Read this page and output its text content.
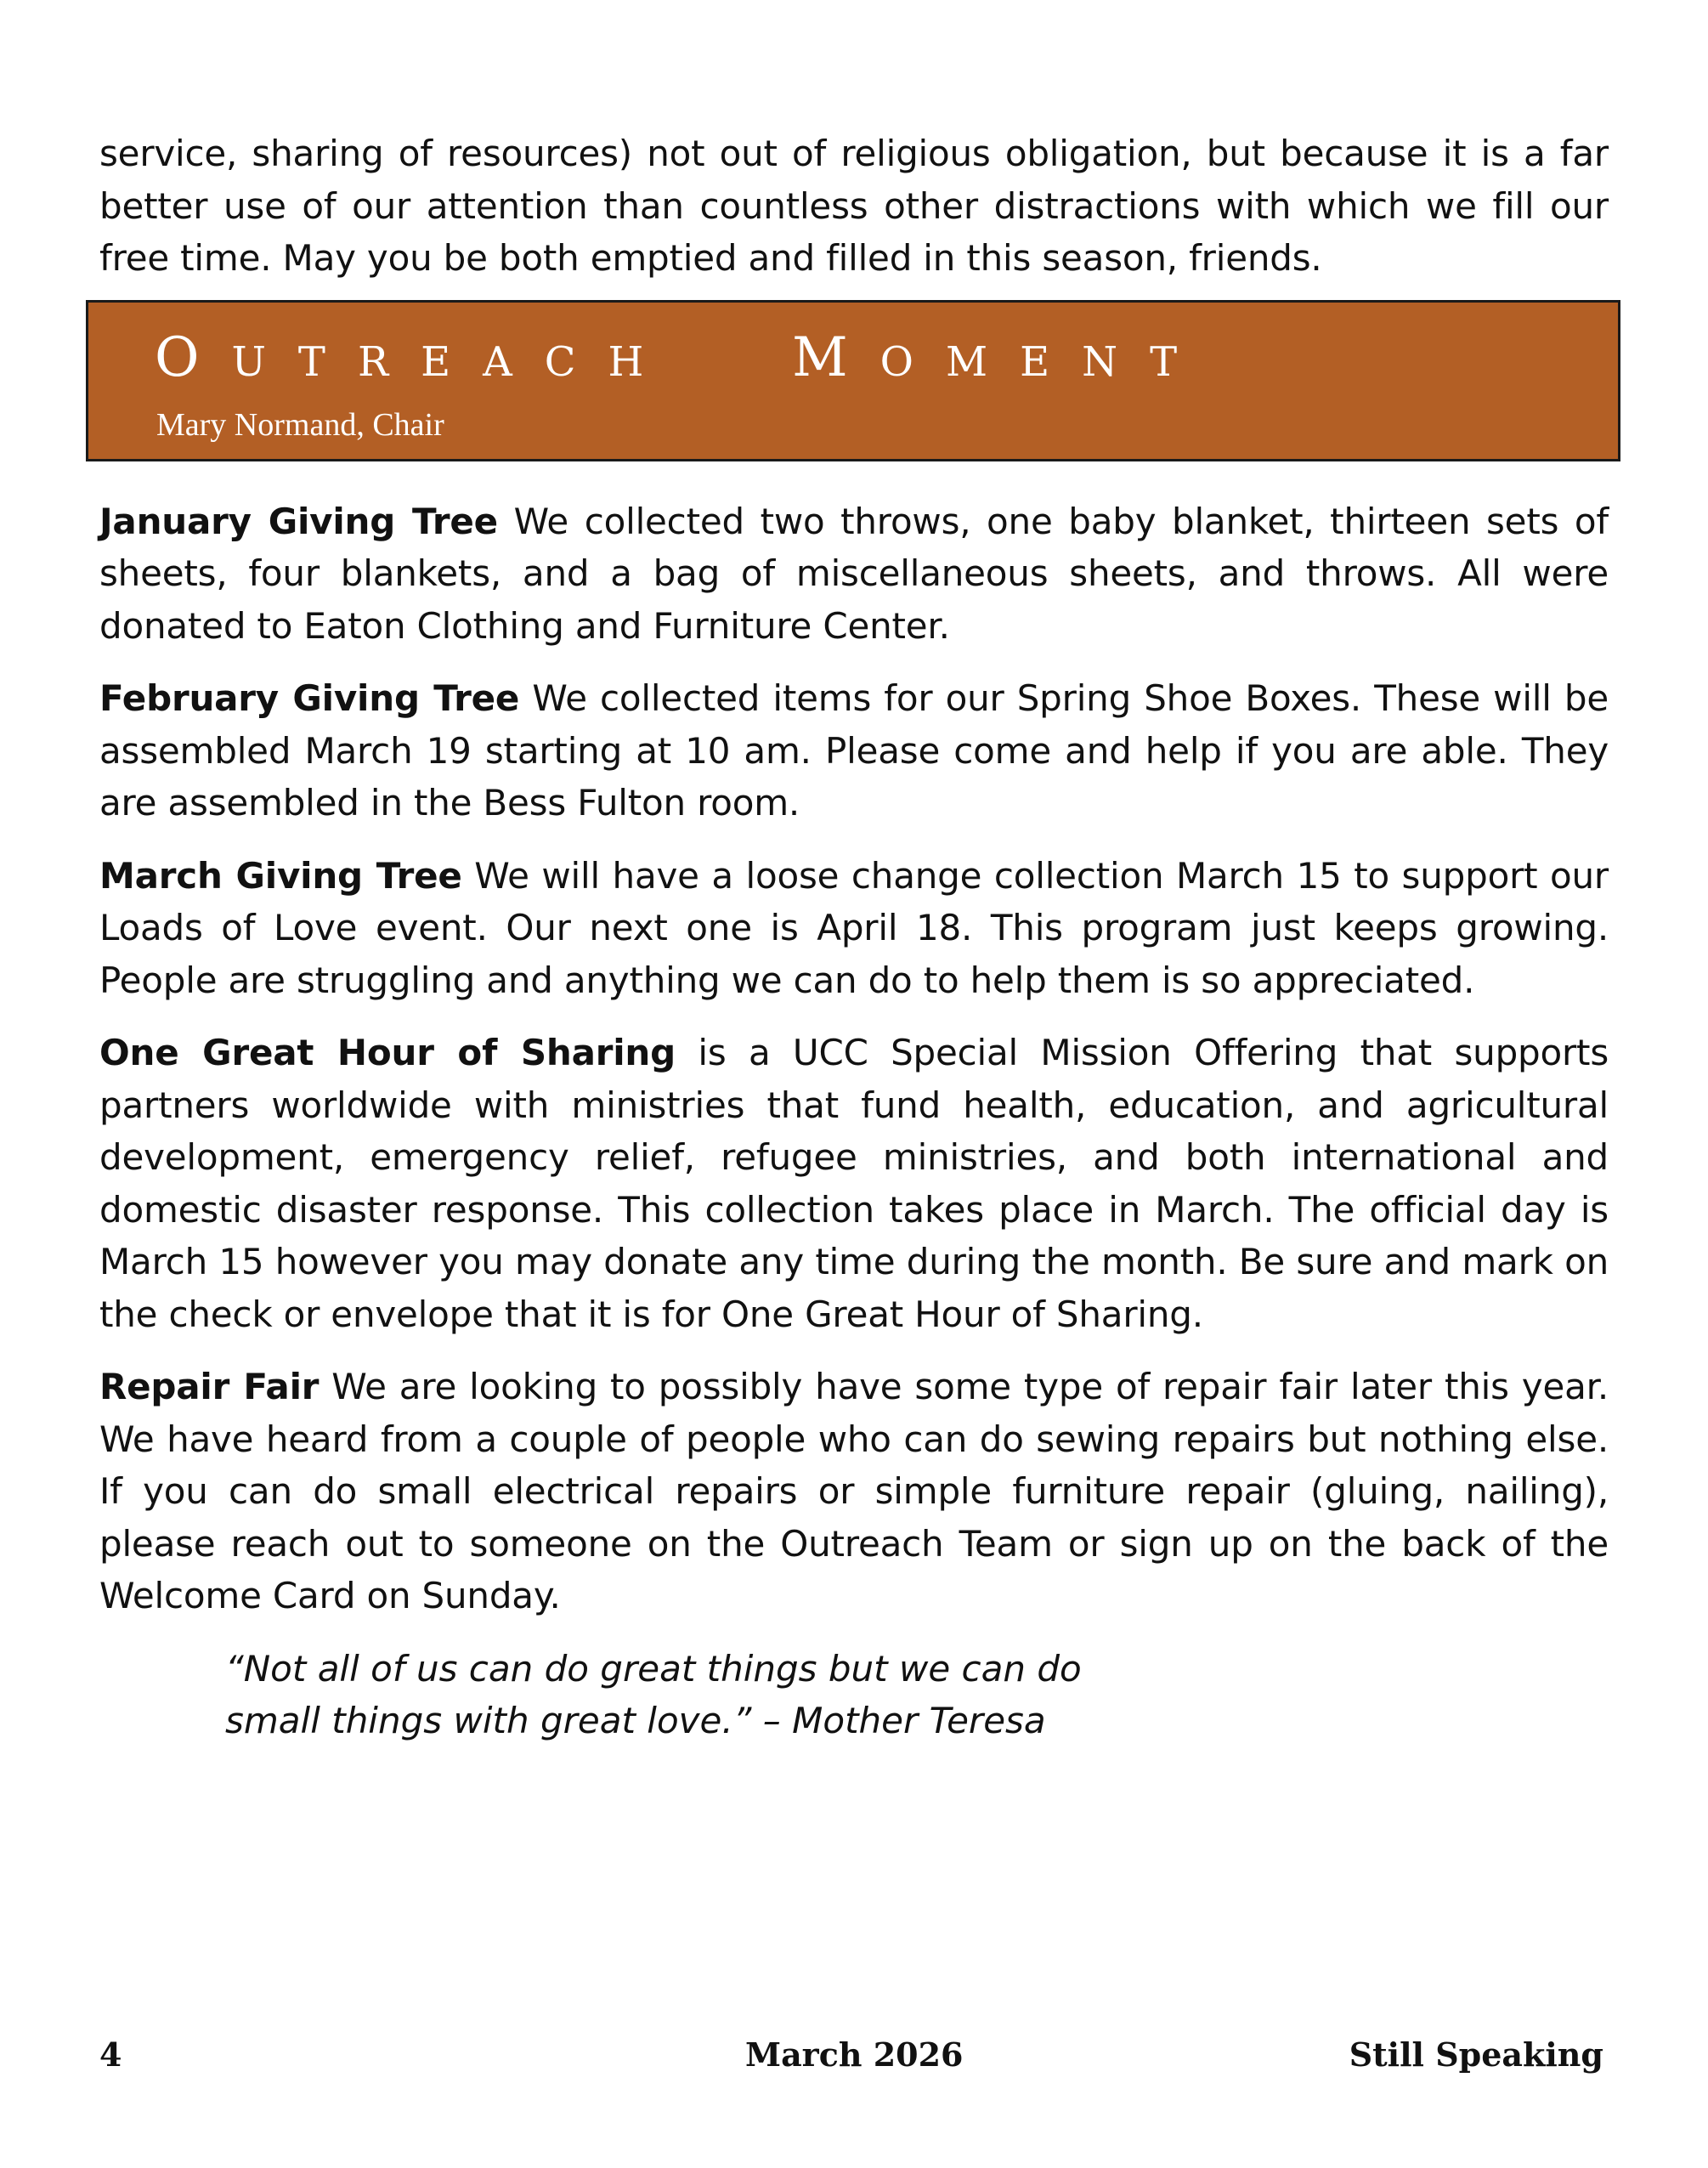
service, sharing of resources) not out of religious obligation, but because it is a far better use of our attention than countless other distractions with which we fill our free time. May you be both emptied and filled in this season, friends.

OUTREACH MOMENT
Mary Normand, Chair

January Giving Tree We collected two throws, one baby blanket, thirteen sets of sheets, four blankets, and a bag of miscellaneous sheets, and throws. All were donated to Eaton Clothing and Furniture Center.

February Giving Tree We collected items for our Spring Shoe Boxes. These will be assembled March 19 starting at 10 am. Please come and help if you are able. They are assembled in the Bess Fulton room.

March Giving Tree We will have a loose change collection March 15 to support our Loads of Love event. Our next one is April 18. This program just keeps growing. People are struggling and anything we can do to help them is so appreciated.

One Great Hour of Sharing is a UCC Special Mission Offering that supports partners worldwide with ministries that fund health, education, and agricultural development, emergency relief, refugee ministries, and both international and domestic disaster response. This collection takes place in March. The official day is March 15 however you may donate any time during the month. Be sure and mark on the check or envelope that it is for One Great Hour of Sharing.

Repair Fair We are looking to possibly have some type of repair fair later this year. We have heard from a couple of people who can do sewing repairs but nothing else. If you can do small electrical repairs or simple furniture repair (gluing, nailing), please reach out to someone on the Outreach Team or sign up on the back of the Welcome Card on Sunday.

“Not all of us can do great things but we can do
small things with great love.” – Mother Teresa
4	March 2026	Still Speaking
